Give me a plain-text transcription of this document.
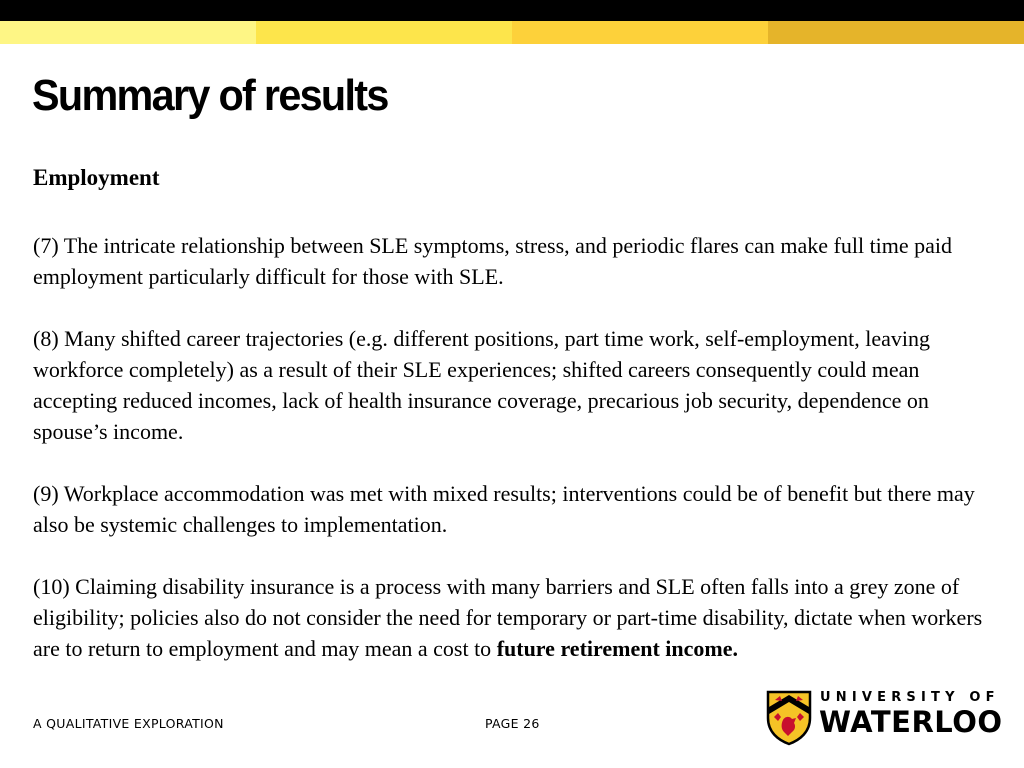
Summary of results
Employment

(7) The intricate relationship between SLE symptoms, stress, and periodic flares can make full time paid employment particularly difficult for those with SLE.

(8) Many shifted career trajectories (e.g. different positions, part time work, self-employment, leaving workforce completely) as a result of their SLE experiences; shifted careers consequently could mean accepting reduced incomes, lack of health insurance coverage, precarious job security, dependence on spouse’s income.

(9) Workplace accommodation was met with mixed results; interventions could be of benefit but there may also be systemic challenges to implementation.

(10) Claiming disability insurance is a process with many barriers and SLE often falls into a grey zone of eligibility; policies also do not consider the need for temporary or part-time disability, dictate when workers are to return to employment and may mean a cost to future retirement income.

A QUALITATIVE EXPLORATION	PAGE 26
UNIVERSITY OF
WATERLOO
